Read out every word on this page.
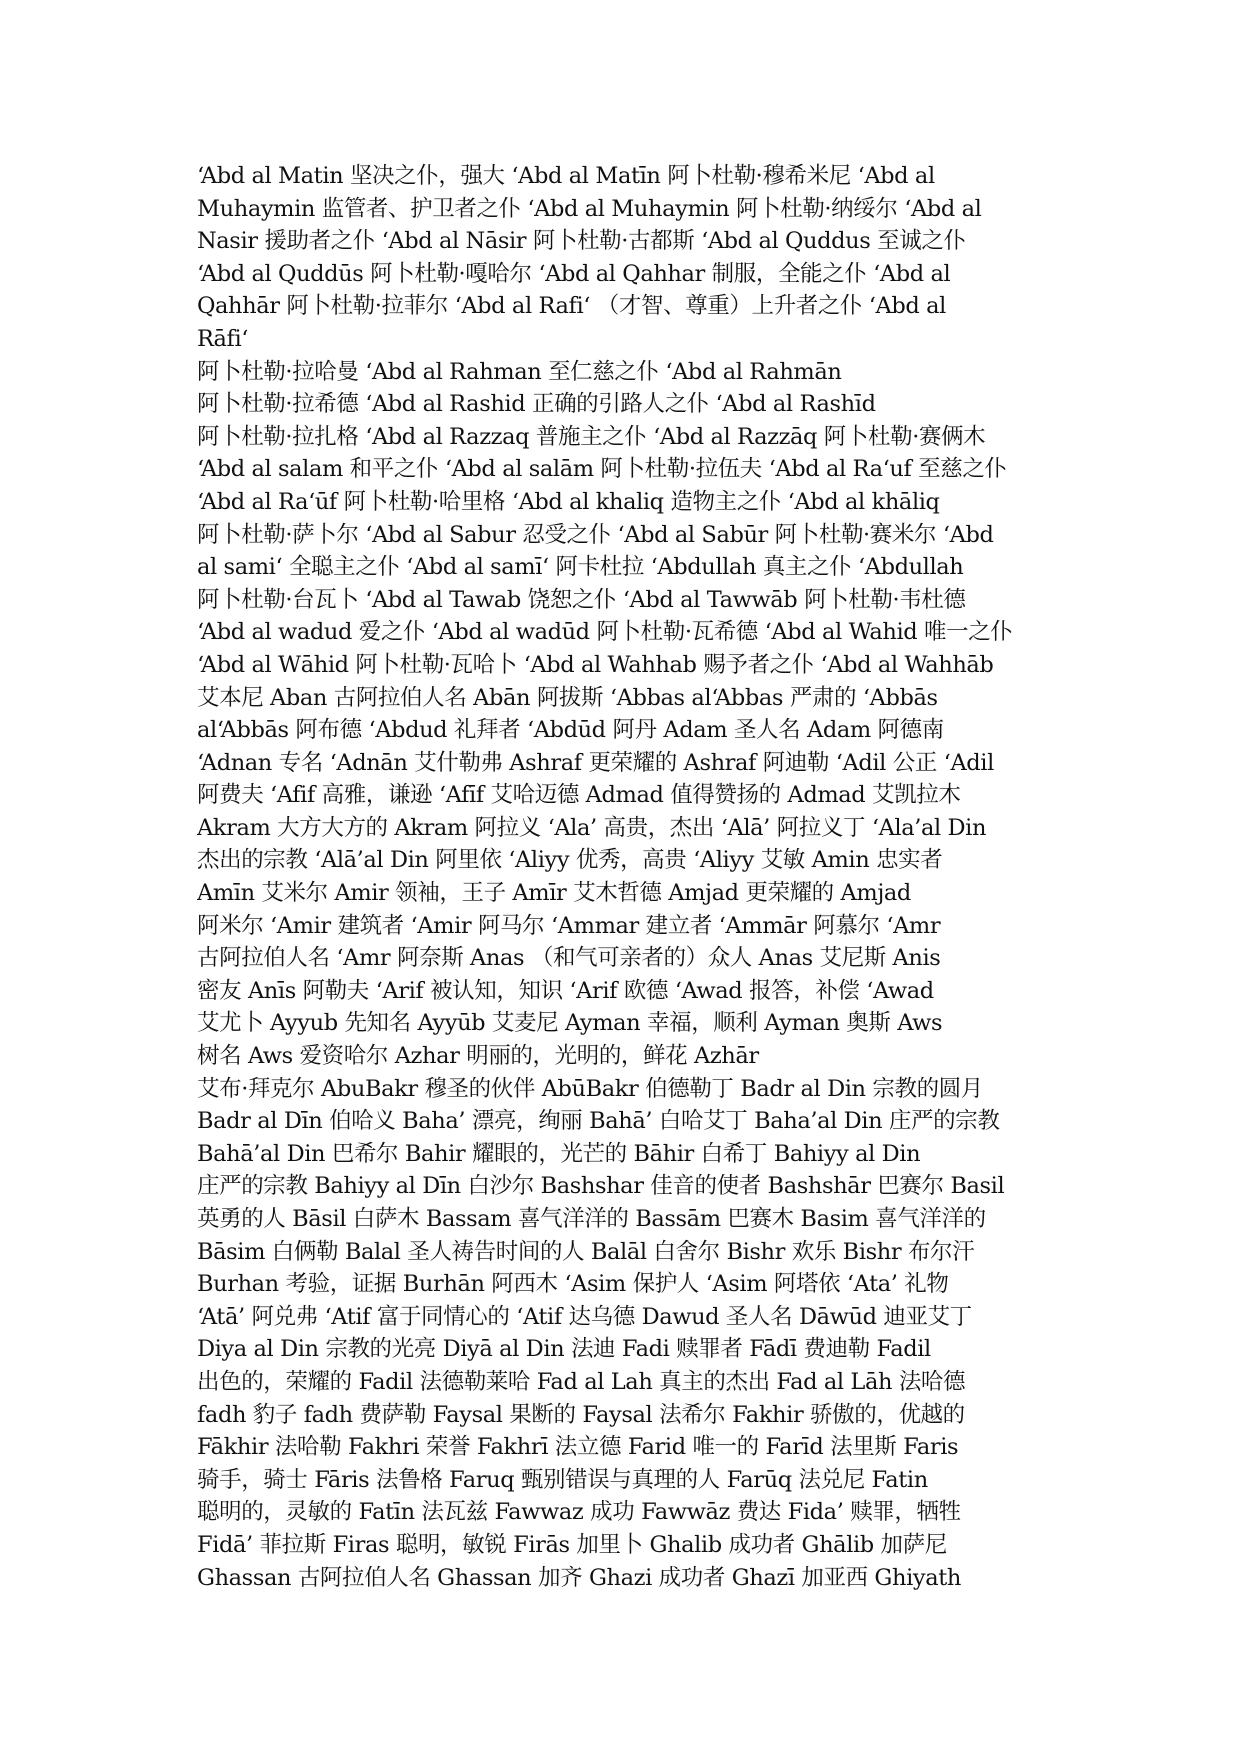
‘Abd al Matin 坚决之仆，强大 ‘Abd al Matīn 阿卜杜勒·穆希米尼 ‘Abd al
Muhaymin 监管者、护卫者之仆 ‘Abd al Muhaymin 阿卜杜勒·纳绥尔 ‘Abd al
Nasir 援助者之仆 ‘Abd al Nāsir 阿卜杜勒·古都斯 ‘Abd al Quddus 至诚之仆
‘Abd al Quddūs 阿卜杜勒·嘎哈尔 ‘Abd al Qahhar 制服，全能之仆 ‘Abd al
Qahhār 阿卜杜勒·拉菲尔 ‘Abd al Rafi‘ （才智、尊重）上升者之仆 ‘Abd al
Rāfi‘
阿卜杜勒·拉哈曼 ‘Abd al Rahman 至仁慈之仆 ‘Abd al Rahmān
阿卜杜勒·拉希德 ‘Abd al Rashid 正确的引路人之仆 ‘Abd al Rashīd
阿卜杜勒·拉扎格 ‘Abd al Razzaq 普施主之仆 ‘Abd al Razzāq 阿卜杜勒·赛俩木
‘Abd al salam 和平之仆 ‘Abd al salām 阿卜杜勒·拉伍夫 ‘Abd al Ra‘uf 至慈之仆
‘Abd al Ra‘ūf 阿卜杜勒·哈里格 ‘Abd al khaliq 造物主之仆 ‘Abd al khāliq
阿卜杜勒·萨卜尔 ‘Abd al Sabur 忍受之仆 ‘Abd al Sabūr 阿卜杜勒·赛米尔 ‘Abd
al sami‘ 全聪主之仆 ‘Abd al samī‘ 阿卡杜拉 ‘Abdullah 真主之仆 ‘Abdullah
阿卜杜勒·台瓦卜 ‘Abd al Tawab 饶恕之仆 ‘Abd al Tawwāb 阿卜杜勒·韦杜德
‘Abd al wadud 爱之仆 ‘Abd al wadūd 阿卜杜勒·瓦希德 ‘Abd al Wahid 唯一之仆
‘Abd al Wāhid 阿卜杜勒·瓦哈卜 ‘Abd al Wahhab 赐予者之仆 ‘Abd al Wahhāb
艾本尼 Aban 古阿拉伯人名 Abān 阿拔斯 ‘Abbas al‘Abbas 严肃的 ‘Abbās
al‘Abbās 阿布德 ‘Abdud 礼拜者 ‘Abdūd 阿丹 Adam 圣人名 Adam 阿德南
‘Adnan 专名 ‘Adnān 艾什勒弗 Ashraf 更荣耀的 Ashraf 阿迪勒 ‘Adil 公正 ‘Adil
阿费夫 ‘Afif 高雅，谦逊 ‘Afīf 艾哈迈德 Admad 值得赞扬的 Admad 艾凯拉木
Akram 大方大方的 Akram 阿拉义 ‘Ala’ 高贵，杰出 ‘Alā’ 阿拉义丁 ‘Ala’al Din
杰出的宗教 ‘Alā’al Din 阿里依 ‘Aliyy 优秀，高贵 ‘Aliyy 艾敏 Amin 忠实者
Amīn 艾米尔 Amir 领袖，王子 Amīr 艾木哲德 Amjad 更荣耀的 Amjad
阿米尔 ‘Amir 建筑者 ‘Amir 阿马尔 ‘Ammar 建立者 ‘Ammār 阿慕尔 ‘Amr
古阿拉伯人名 ‘Amr 阿奈斯 Anas （和气可亲者的）众人 Anas 艾尼斯 Anis
密友 Anīs 阿勒夫 ‘Arif 被认知，知识 ‘Arif 欧德 ‘Awad 报答，补偿 ‘Awad
艾尤卜 Ayyub 先知名 Ayyūb 艾麦尼 Ayman 幸福，顺利 Ayman 奥斯 Aws
树名 Aws 爱资哈尔 Azhar 明丽的，光明的，鲜花 Azhār
艾布·拜克尔 AbuBakr 穆圣的伙伴 AbūBakr 伯德勒丁 Badr al Din 宗教的圆月
Badr al Dīn 伯哈义 Baha’ 漂亮，绚丽 Bahā’ 白哈艾丁 Baha’al Din 庄严的宗教
Bahā’al Din 巴希尔 Bahir 耀眼的，光芒的 Bāhir 白希丁 Bahiyy al Din
庄严的宗教 Bahiyy al Dīn 白沙尔 Bashshar 佳音的使者 Bashshār 巴赛尔 Basil
英勇的人 Bāsil 白萨木 Bassam 喜气洋洋的 Bassām 巴赛木 Basim 喜气洋洋的
Bāsim 白俩勒 Balal 圣人祷告时间的人 Balāl 白舍尔 Bishr 欢乐 Bishr 布尔汗
Burhan 考验，证据 Burhān 阿西木 ‘Asim 保护人 ‘Asim 阿塔依 ‘Ata’ 礼物
‘Atā’ 阿兑弗 ‘Atif 富于同情心的 ‘Atif 达乌德 Dawud 圣人名 Dāwūd 迪亚艾丁
Diya al Din 宗教的光亮 Diyā al Din 法迪 Fadi 赎罪者 Fādī 费迪勒 Fadil
出色的，荣耀的 Fadil 法德勒莱哈 Fad al Lah 真主的杰出 Fad al Lāh 法哈德
fadh 豹子 fadh 费萨勒 Faysal 果断的 Faysal 法希尔 Fakhir 骄傲的，优越的
Fākhir 法哈勒 Fakhri 荣誉 Fakhrī 法立德 Farid 唯一的 Farīd 法里斯 Faris
骑手，骑士 Fāris 法鲁格 Faruq 甄别错误与真理的人 Farūq 法兑尼 Fatin
聪明的，灵敏的 Fatīn 法瓦兹 Fawwaz 成功 Fawwāz 费达 Fida’ 赎罪，牺牲
Fidā’ 菲拉斯 Firas 聪明，敏锐 Firās 加里卜 Ghalib 成功者 Ghālib 加萨尼
Ghassan 古阿拉伯人名 Ghassan 加齐 Ghazi 成功者 Ghazī 加亚西 Ghiyath
